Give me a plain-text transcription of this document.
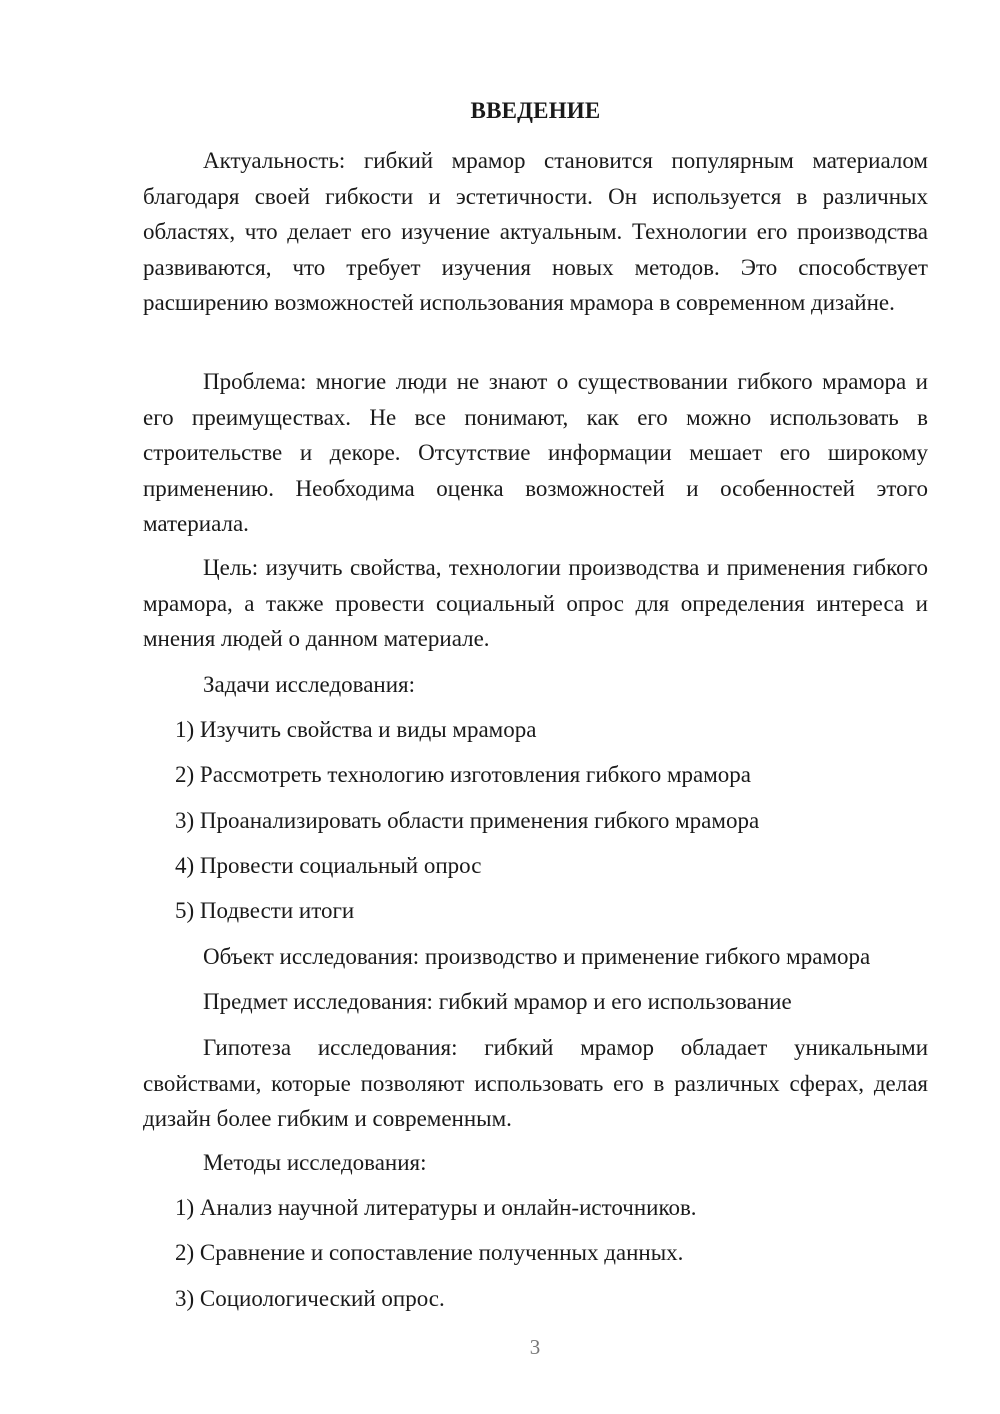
ВВЕДЕНИЕ

Актуальность: гибкий мрамор становится популярным материалом благодаря своей гибкости и эстетичности. Он используется в различных областях, что делает его изучение актуальным. Технологии его производства развиваются, что требует изучения новых методов. Это способствует расширению возможностей использования мрамора в современном дизайне.

Проблема: многие люди не знают о существовании гибкого мрамора и его преимуществах. Не все понимают, как его можно использовать в строительстве и декоре. Отсутствие информации мешает его широкому применению. Необходима оценка возможностей и особенностей этого материала.

Цель: изучить свойства, технологии производства и применения гибкого мрамора, а также провести социальный опрос для определения интереса и мнения людей о данном материале.

Задачи исследования:

1) Изучить свойства и виды мрамора

2) Рассмотреть технологию изготовления гибкого мрамора

3) Проанализировать области применения гибкого мрамора

4) Провести социальный опрос

5) Подвести итоги

Объект исследования: производство и применение гибкого мрамора

Предмет исследования: гибкий мрамор и его использование

Гипотеза исследования: гибкий мрамор обладает уникальными свойствами, которые позволяют использовать его в различных сферах, делая дизайн более гибким и современным.

Методы исследования:

1) Анализ научной литературы и онлайн-источников.

2) Сравнение и сопоставление полученных данных.

3) Социологический опрос.

3
